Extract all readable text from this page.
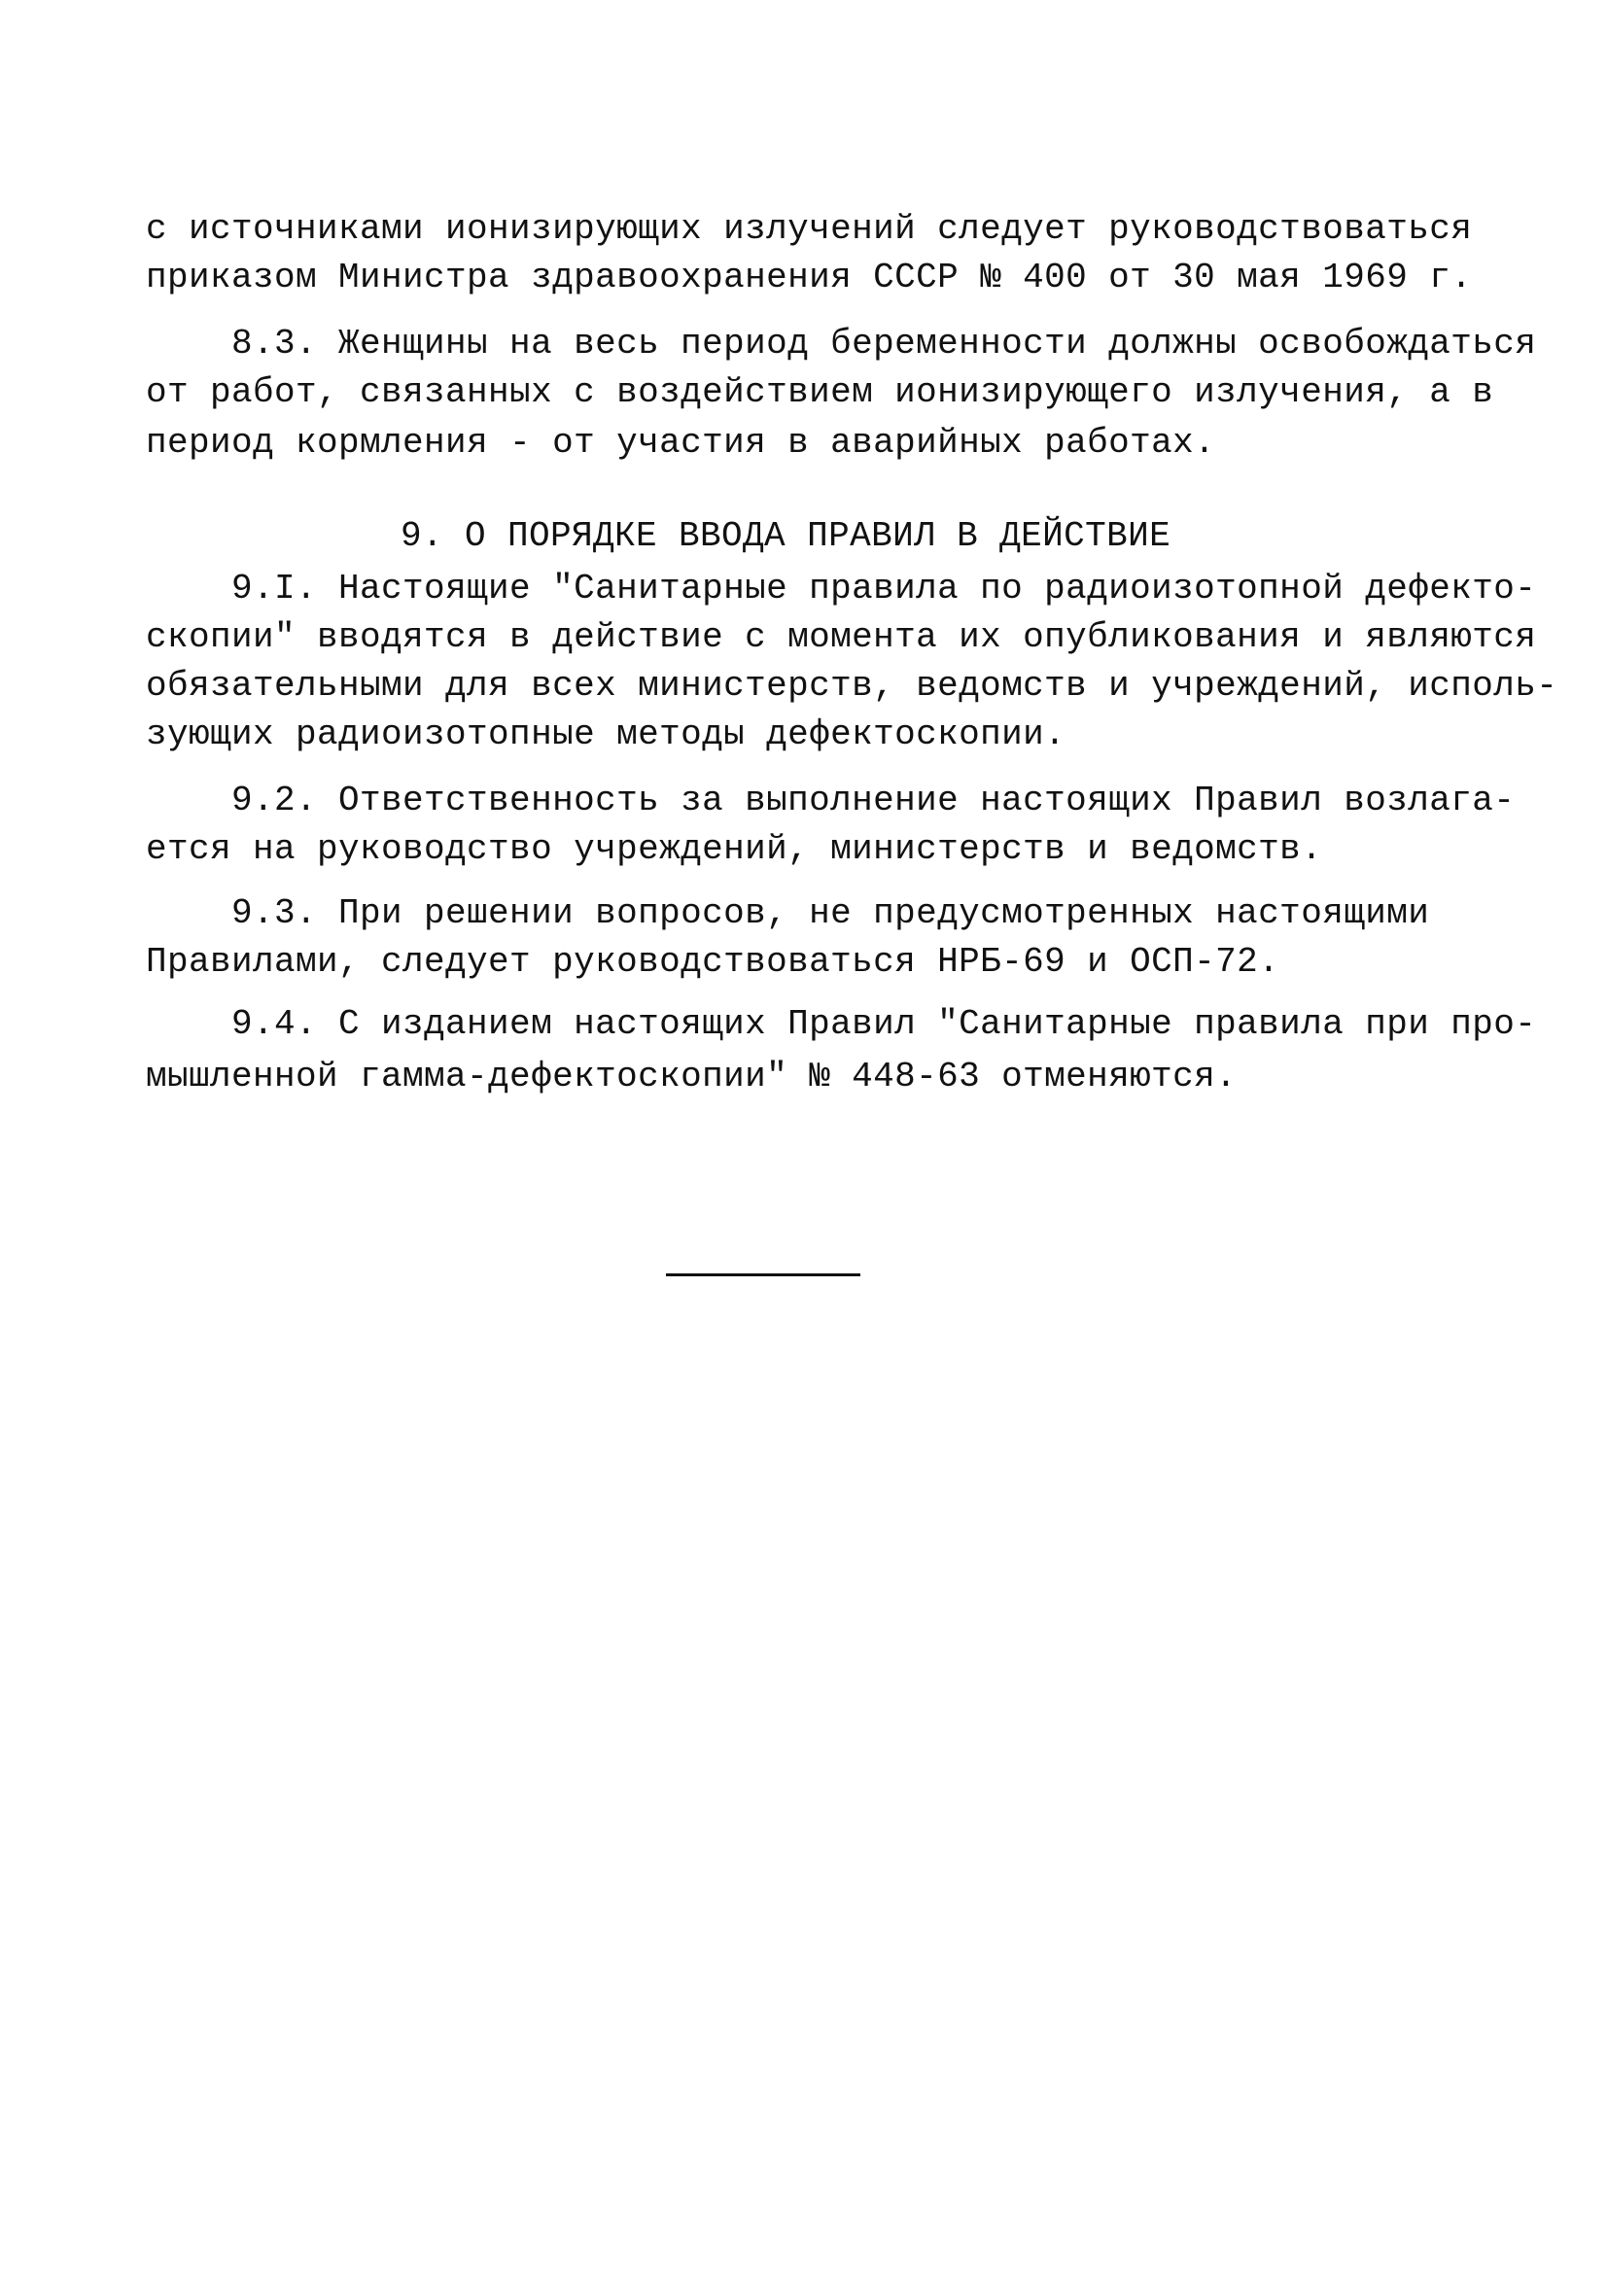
с источниками ионизирующих излучений следует руководствоваться
приказом Министра здравоохранения СССР № 400 от 30 мая 1969 г.
8.3. Женщины на весь период беременности должны освобождаться
от работ, связанных с воздействием ионизирующего излучения, а в
период кормления - от участия в аварийных работах.
9. О ПОРЯДКЕ ВВОДА ПРАВИЛ В ДЕЙСТВИЕ
9.I. Настоящие "Санитарные правила по радиоизотопной дефекто-
скопии" вводятся в действие с момента их опубликования и являются
обязательными для всех министерств, ведомств и учреждений, исполь-
зующих радиоизотопные методы дефектоскопии.
9.2. Ответственность за выполнение настоящих Правил возлага-
ется на руководство учреждений, министерств и ведомств.
9.3. При решении вопросов, не предусмотренных настоящими
Правилами, следует руководствоваться НРБ-69 и ОСП-72.
9.4. С изданием настоящих Правил "Санитарные правила при про-
мышленной гамма-дефектоскопии" № 448-63 отменяются.
